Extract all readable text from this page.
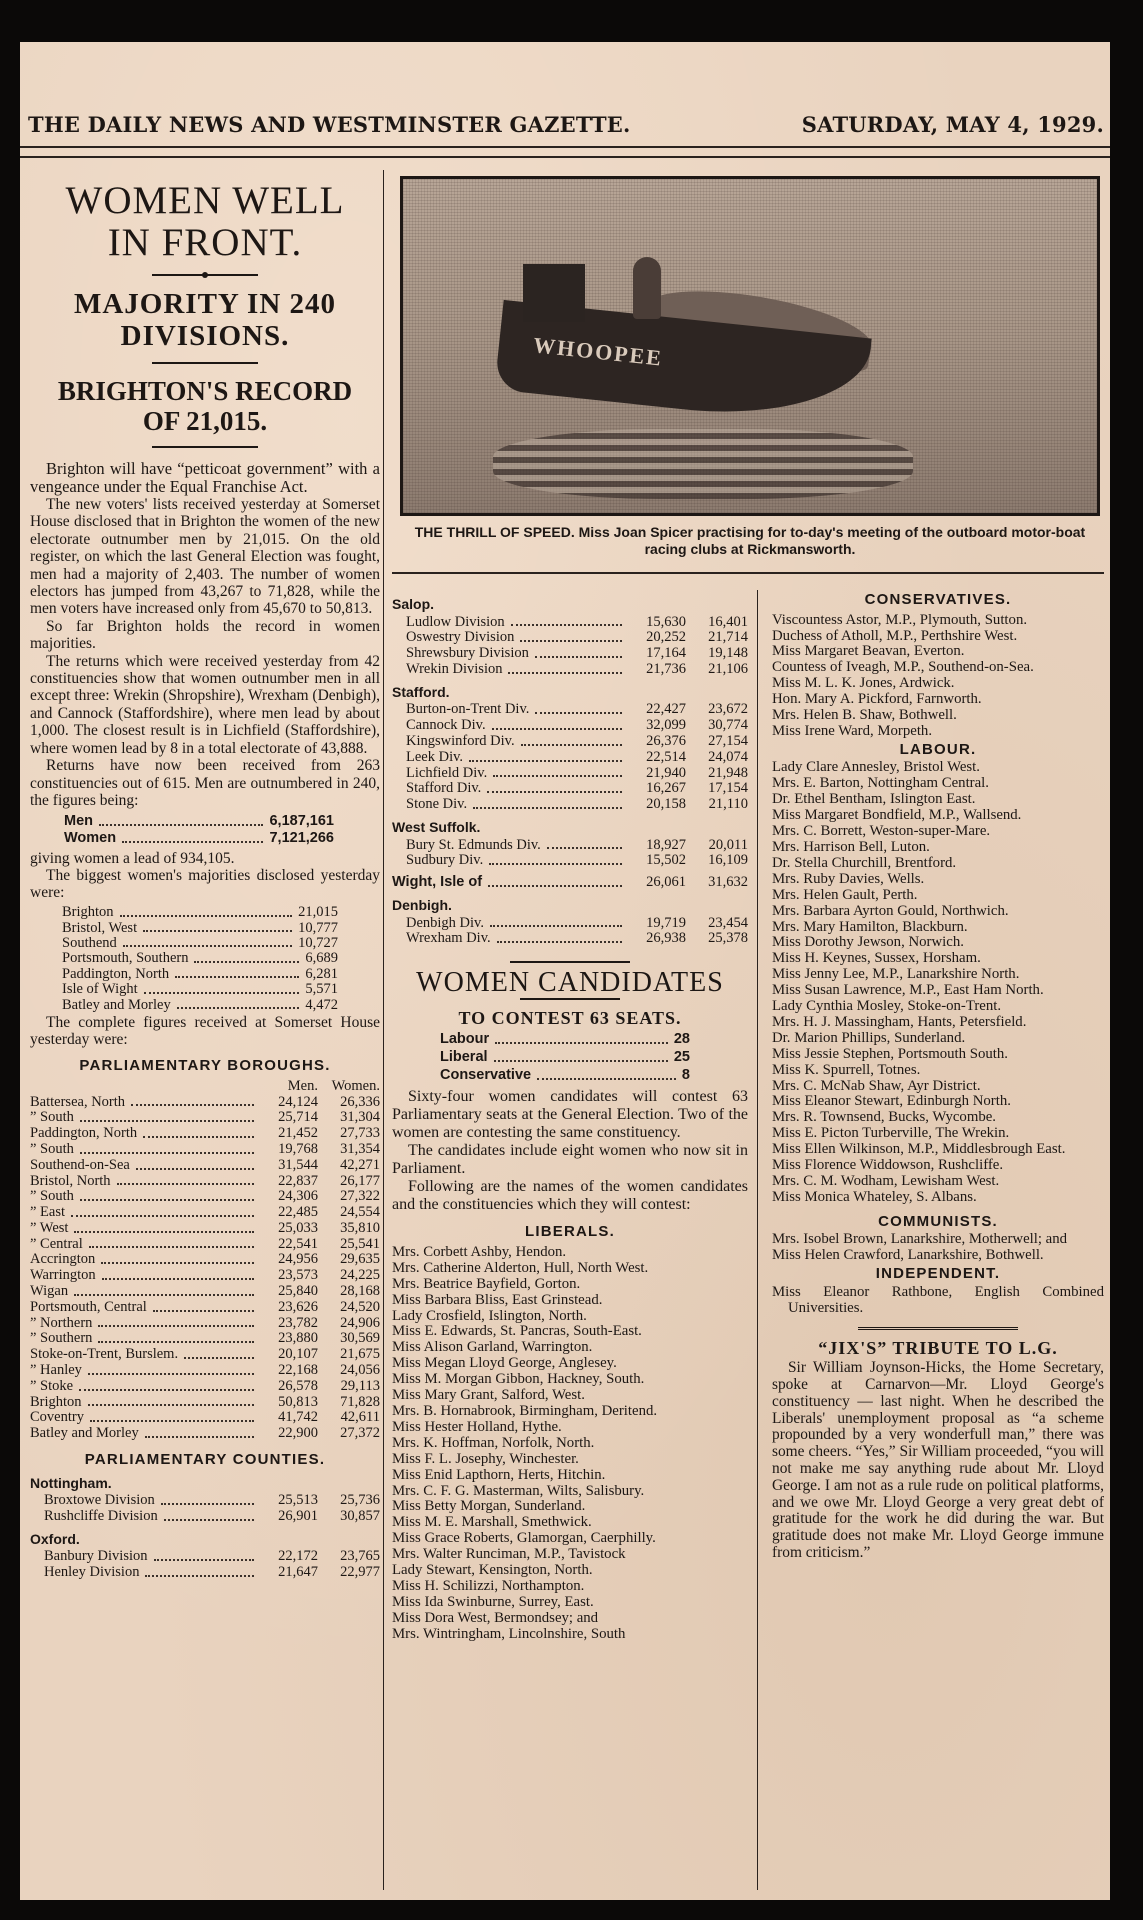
THE DAILY NEWS AND WESTMINSTER GAZETTE.	SATURDAY, MAY 4, 1929.
WOMEN WELL
IN FRONT.
MAJORITY IN 240
DIVISIONS.
BRIGHTON'S RECORD
OF 21,015.

Brighton will have “petticoat government” with a vengeance under the Equal Franchise Act.

The new voters' lists received yesterday at Somerset House disclosed that in Brighton the women of the new electorate outnumber men by 21,015. On the old register, on which the last General Election was fought, men had a majority of 2,403. The number of women electors has jumped from 43,267 to 71,828, while the men voters have increased only from 45,670 to 50,813.

So far Brighton holds the record in women majorities.

The returns which were received yesterday from 42 constituencies show that women outnumber men in all except three: Wrekin (Shropshire), Wrexham (Denbigh), and Cannock (Staffordshire), where men lead by about 1,000. The closest result is in Lichfield (Staffordshire), where women lead by 8 in a total electorate of 43,888.

Returns have now been received from 263 constituencies out of 615. Men are outnumbered in 240, the figures being:

Men	6,187,161
Women	7,121,266

giving women a lead of 934,105.

The biggest women's majorities disclosed yesterday were:

Brighton	21,015
Bristol, West	10,777
Southend	10,727
Portsmouth, Southern	6,689
Paddington, North	6,281
Isle of Wight	5,571
Batley and Morley	4,472

The complete figures received at Somerset House yesterday were:

PARLIAMENTARY BOROUGHS.
Men. Women.
Battersea, North	24,124	26,336
” South	25,714	31,304
Paddington, North	21,452	27,733
” South	19,768	31,354
Southend-on-Sea	31,544	42,271
Bristol, North	22,837	26,177
” South	24,306	27,322
” East	22,485	24,554
” West	25,033	35,810
” Central	22,541	25,541
Accrington	24,956	29,635
Warrington	23,573	24,225
Wigan	25,840	28,168
Portsmouth, Central	23,626	24,520
” Northern	23,782	24,906
” Southern	23,880	30,569
Stoke-on-Trent, Burslem.	20,107	21,675
” Hanley	22,168	24,056
” Stoke	26,578	29,113
Brighton	50,813	71,828
Coventry	41,742	42,611
Batley and Morley	22,900	27,372
PARLIAMENTARY COUNTIES.
Nottingham.
Broxtowe Division	25,513	25,736
Rushcliffe Division	26,901	30,857
Oxford.
Banbury Division	22,172	23,765
Henley Division	21,647	22,977
WHOOPEE
THE THRILL OF SPEED. Miss Joan Spicer practising for to-day's meeting of the outboard motor-boat racing clubs at Rickmansworth.
Salop.
Ludlow Division	15,630	16,401
Oswestry Division	20,252	21,714
Shrewsbury Division	17,164	19,148
Wrekin Division	21,736	21,106
Stafford.
Burton-on-Trent Div.	22,427	23,672
Cannock Div.	32,099	30,774
Kingswinford Div.	26,376	27,154
Leek Div.	22,514	24,074
Lichfield Div.	21,940	21,948
Stafford Div.	16,267	17,154
Stone Div.	20,158	21,110
West Suffolk.
Bury St. Edmunds Div.	18,927	20,011
Sudbury Div.	15,502	16,109
Wight, Isle of	26,061	31,632
Denbigh.
Denbigh Div.	19,719	23,454
Wrexham Div.	26,938	25,378
WOMEN CANDIDATES
TO CONTEST 63 SEATS.
Labour	28
Liberal	25
Conservative	8

Sixty-four women candidates will contest 63 Parliamentary seats at the General Election. Two of the women are contesting the same constituency.

The candidates include eight women who now sit in Parliament.

Following are the names of the women candidates and the constituencies which they will contest:

LIBERALS.

Mrs. Corbett Ashby, Hendon.

Mrs. Catherine Alderton, Hull, North West.

Mrs. Beatrice Bayfield, Gorton.

Miss Barbara Bliss, East Grinstead.

Lady Crosfield, Islington, North.

Miss E. Edwards, St. Pancras, South-East.

Miss Alison Garland, Warrington.

Miss Megan Lloyd George, Anglesey.

Miss M. Morgan Gibbon, Hackney, South.

Miss Mary Grant, Salford, West.

Mrs. B. Hornabrook, Birmingham, Deritend.

Miss Hester Holland, Hythe.

Mrs. K. Hoffman, Norfolk, North.

Miss F. L. Josephy, Winchester.

Miss Enid Lapthorn, Herts, Hitchin.

Mrs. C. F. G. Masterman, Wilts, Salisbury.

Miss Betty Morgan, Sunderland.

Miss M. E. Marshall, Smethwick.

Miss Grace Roberts, Glamorgan, Caerphilly.

Mrs. Walter Runciman, M.P., Tavistock

Lady Stewart, Kensington, North.

Miss H. Schilizzi, Northampton.

Miss Ida Swinburne, Surrey, East.

Miss Dora West, Bermondsey; and

Mrs. Wintringham, Lincolnshire, South

CONSERVATIVES.

Viscountess Astor, M.P., Plymouth, Sutton.

Duchess of Atholl, M.P., Perthshire West.

Miss Margaret Beavan, Everton.

Countess of Iveagh, M.P., Southend-on-Sea.

Miss M. L. K. Jones, Ardwick.

Hon. Mary A. Pickford, Farnworth.

Mrs. Helen B. Shaw, Bothwell.

Miss Irene Ward, Morpeth.

LABOUR.

Lady Clare Annesley, Bristol West.

Mrs. E. Barton, Nottingham Central.

Dr. Ethel Bentham, Islington East.

Miss Margaret Bondfield, M.P., Wallsend.

Mrs. C. Borrett, Weston-super-Mare.

Mrs. Harrison Bell, Luton.

Dr. Stella Churchill, Brentford.

Mrs. Ruby Davies, Wells.

Mrs. Helen Gault, Perth.

Mrs. Barbara Ayrton Gould, Northwich.

Mrs. Mary Hamilton, Blackburn.

Miss Dorothy Jewson, Norwich.

Miss H. Keynes, Sussex, Horsham.

Miss Jenny Lee, M.P., Lanarkshire North.

Miss Susan Lawrence, M.P., East Ham North.

Lady Cynthia Mosley, Stoke-on-Trent.

Mrs. H. J. Massingham, Hants, Petersfield.

Dr. Marion Phillips, Sunderland.

Miss Jessie Stephen, Portsmouth South.

Miss K. Spurrell, Totnes.

Mrs. C. McNab Shaw, Ayr District.

Miss Eleanor Stewart, Edinburgh North.

Mrs. R. Townsend, Bucks, Wycombe.

Miss E. Picton Turberville, The Wrekin.

Miss Ellen Wilkinson, M.P., Middlesbrough East.

Miss Florence Widdowson, Rushcliffe.

Mrs. C. M. Wodham, Lewisham West.

Miss Monica Whateley, S. Albans.

COMMUNISTS.

Mrs. Isobel Brown, Lanarkshire, Motherwell; and

Miss Helen Crawford, Lanarkshire, Bothwell.

INDEPENDENT.

Miss Eleanor Rathbone, English Combined Universities.

“JIX'S” TRIBUTE TO L.G.

Sir William Joynson-Hicks, the Home Secretary, spoke at Carnarvon—Mr. Lloyd George's constituency — last night. When he described the Liberals' unemployment proposal as “a scheme propounded by a very wonderfull man,” there was some cheers. “Yes,” Sir William proceeded, “you will not make me say anything rude about Mr. Lloyd George. I am not as a rule rude on political platforms, and we owe Mr. Lloyd George a very great debt of gratitude for the work he did during the war. But gratitude does not make Mr. Lloyd George immune from criticism.”
